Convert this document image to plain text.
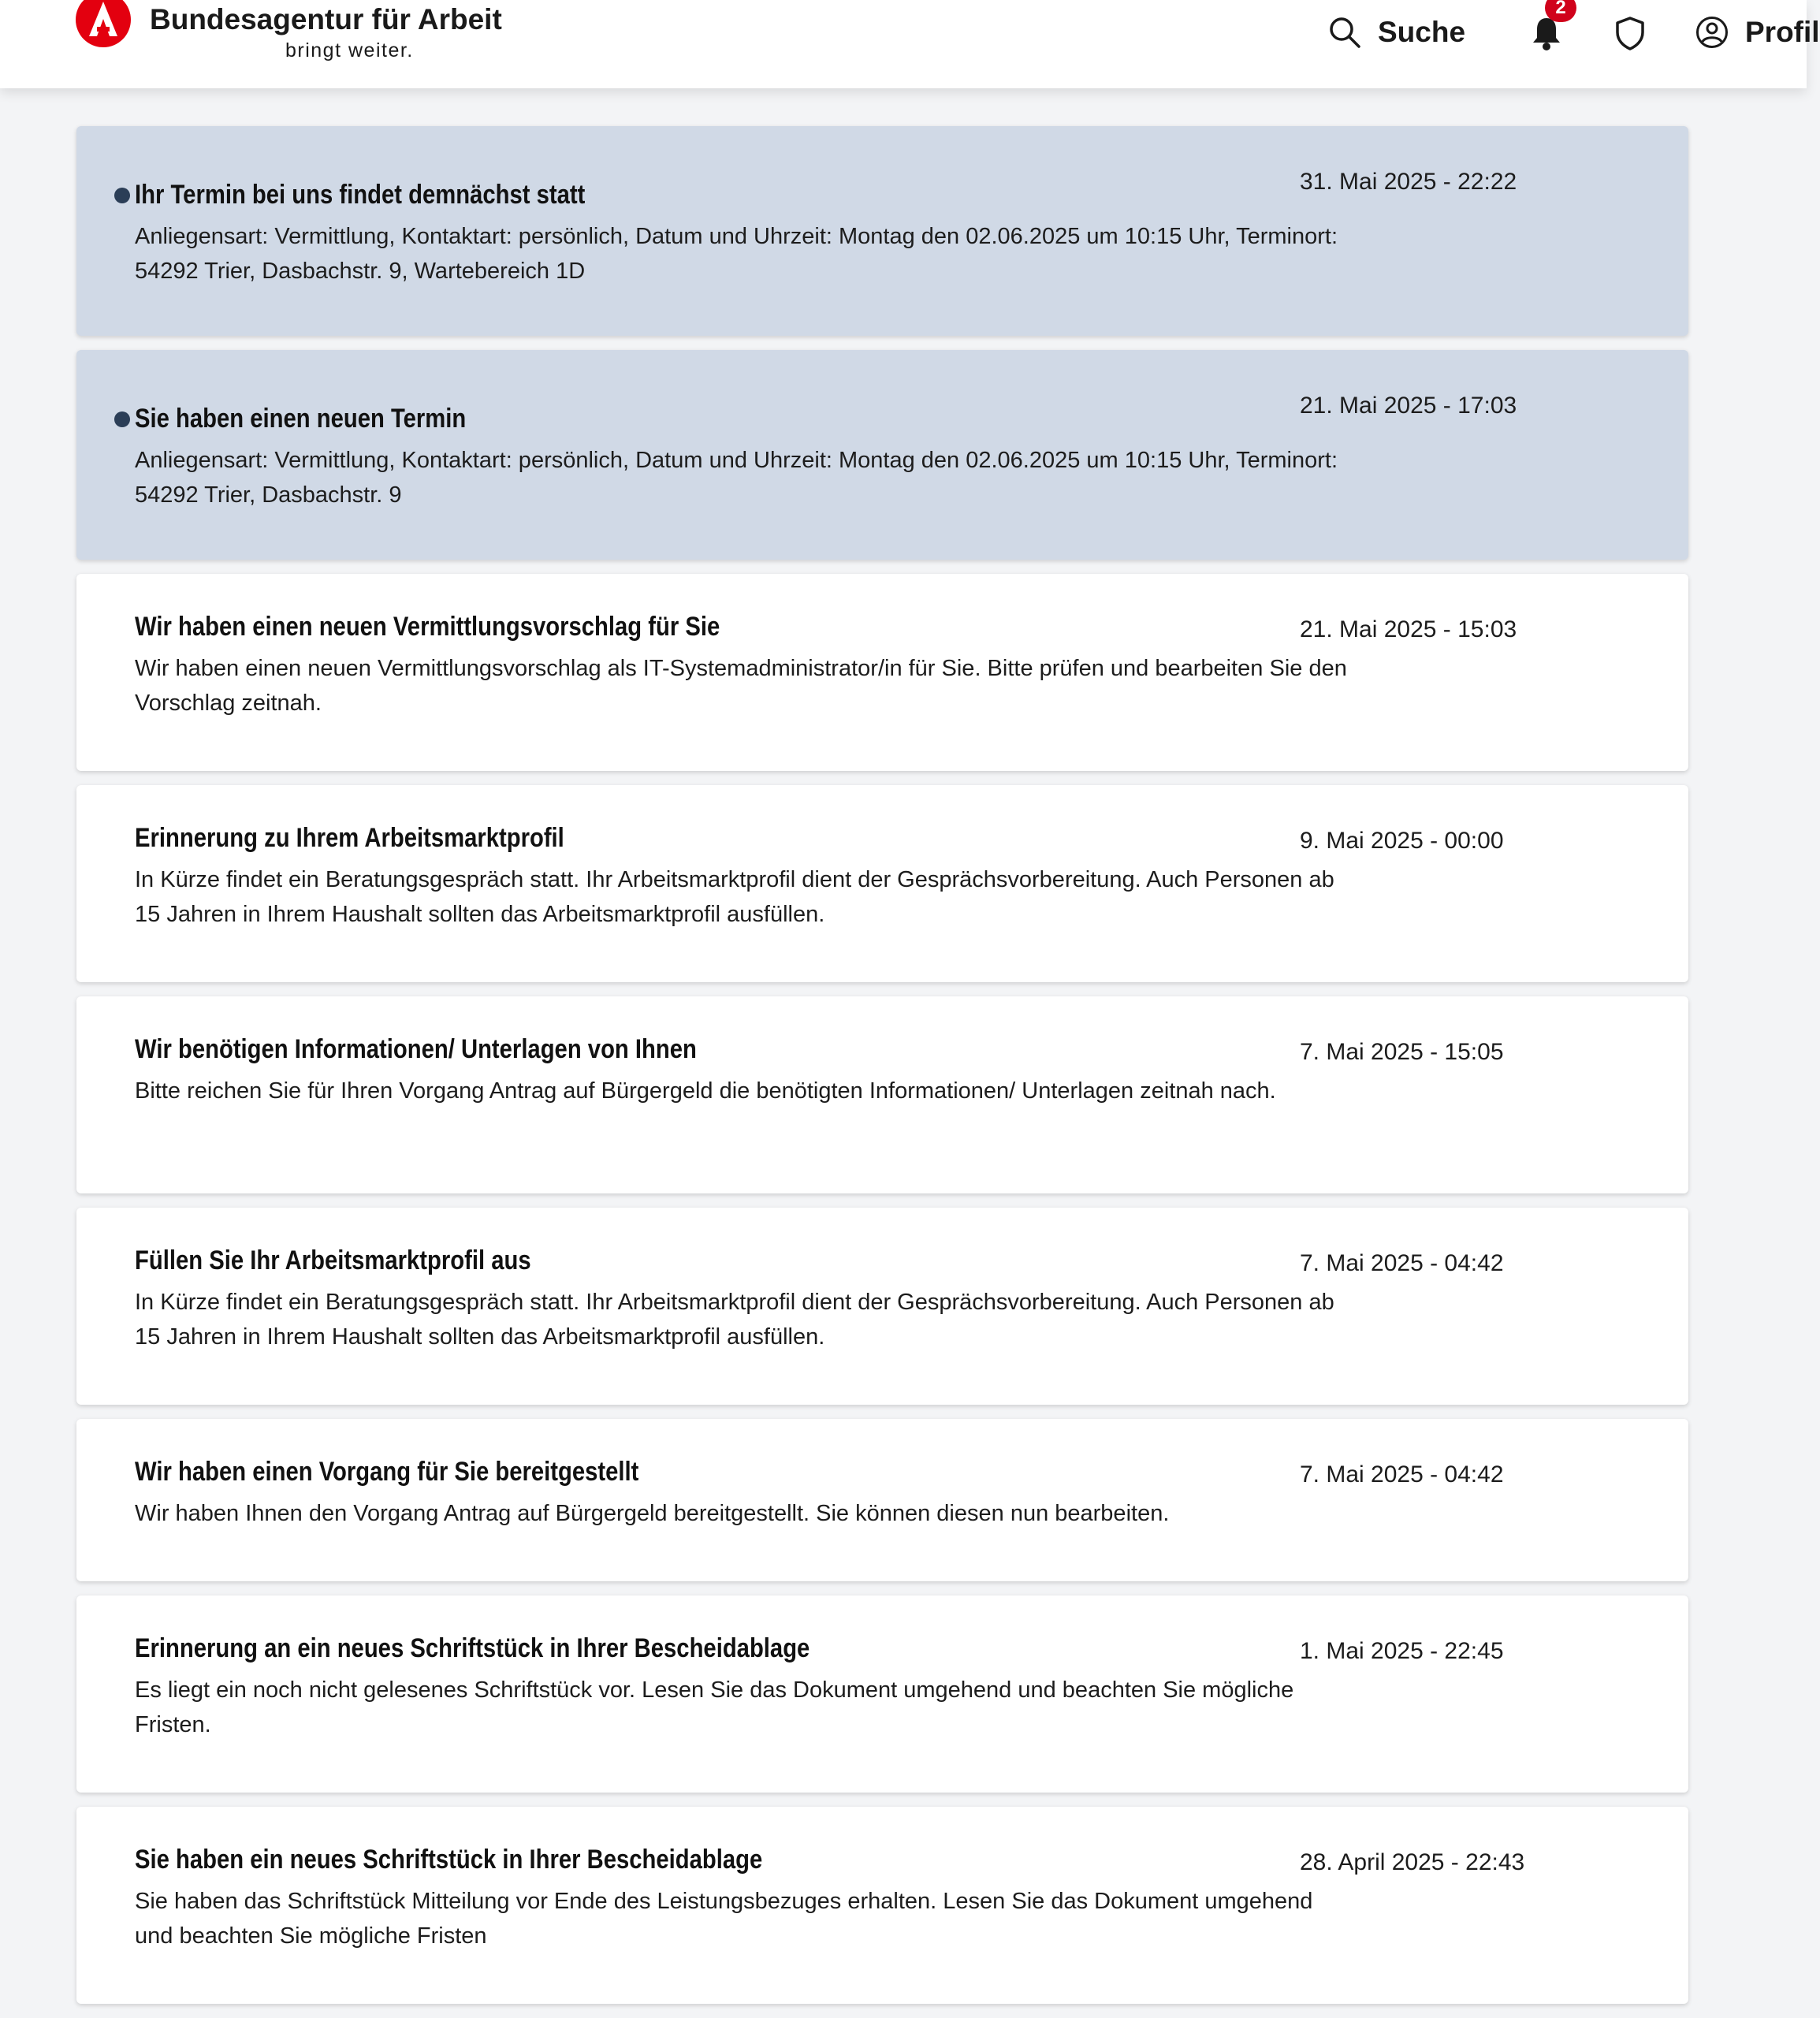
Bundesagentur für Arbeit
bringt weiter.
Suche
2
Profil
Ihr Termin bei uns findet demnächst statt
Anliegensart: Vermittlung, Kontaktart: persönlich, Datum und Uhrzeit: Montag den 02.06.2025 um 10:15 Uhr, Terminort: 54292 Trier, Dasbachstr. 9, Wartebereich 1D
31. Mai 2025 - 22:22
Sie haben einen neuen Termin
Anliegensart: Vermittlung, Kontaktart: persönlich, Datum und Uhrzeit: Montag den 02.06.2025 um 10:15 Uhr, Terminort: 54292 Trier, Dasbachstr. 9
21. Mai 2025 - 17:03
Wir haben einen neuen Vermittlungsvorschlag für Sie
Wir haben einen neuen Vermittlungsvorschlag als IT-Systemadministrator/in für Sie. Bitte prüfen und bearbeiten Sie den Vorschlag zeitnah.
21. Mai 2025 - 15:03
Erinnerung zu Ihrem Arbeitsmarktprofil
In Kürze findet ein Beratungsgespräch statt. Ihr Arbeitsmarktprofil dient der Gesprächsvorbereitung. Auch Personen ab 15 Jahren in Ihrem Haushalt sollten das Arbeitsmarktprofil ausfüllen.
9. Mai 2025 - 00:00
Wir benötigen Informationen/ Unterlagen von Ihnen
Bitte reichen Sie für Ihren Vorgang Antrag auf Bürgergeld die benötigten Informationen/ Unterlagen zeitnah nach.
7. Mai 2025 - 15:05
Füllen Sie Ihr Arbeitsmarktprofil aus
In Kürze findet ein Beratungsgespräch statt. Ihr Arbeitsmarktprofil dient der Gesprächsvorbereitung. Auch Personen ab 15 Jahren in Ihrem Haushalt sollten das Arbeitsmarktprofil ausfüllen.
7. Mai 2025 - 04:42
Wir haben einen Vorgang für Sie bereitgestellt
Wir haben Ihnen den Vorgang Antrag auf Bürgergeld bereitgestellt. Sie können diesen nun bearbeiten.
7. Mai 2025 - 04:42
Erinnerung an ein neues Schriftstück in Ihrer Bescheidablage
Es liegt ein noch nicht gelesenes Schriftstück vor. Lesen Sie das Dokument umgehend und beachten Sie mögliche Fristen.
1. Mai 2025 - 22:45
Sie haben ein neues Schriftstück in Ihrer Bescheidablage
Sie haben das Schriftstück Mitteilung vor Ende des Leistungsbezuges erhalten. Lesen Sie das Dokument umgehend und beachten Sie mögliche Fristen
28. April 2025 - 22:43
